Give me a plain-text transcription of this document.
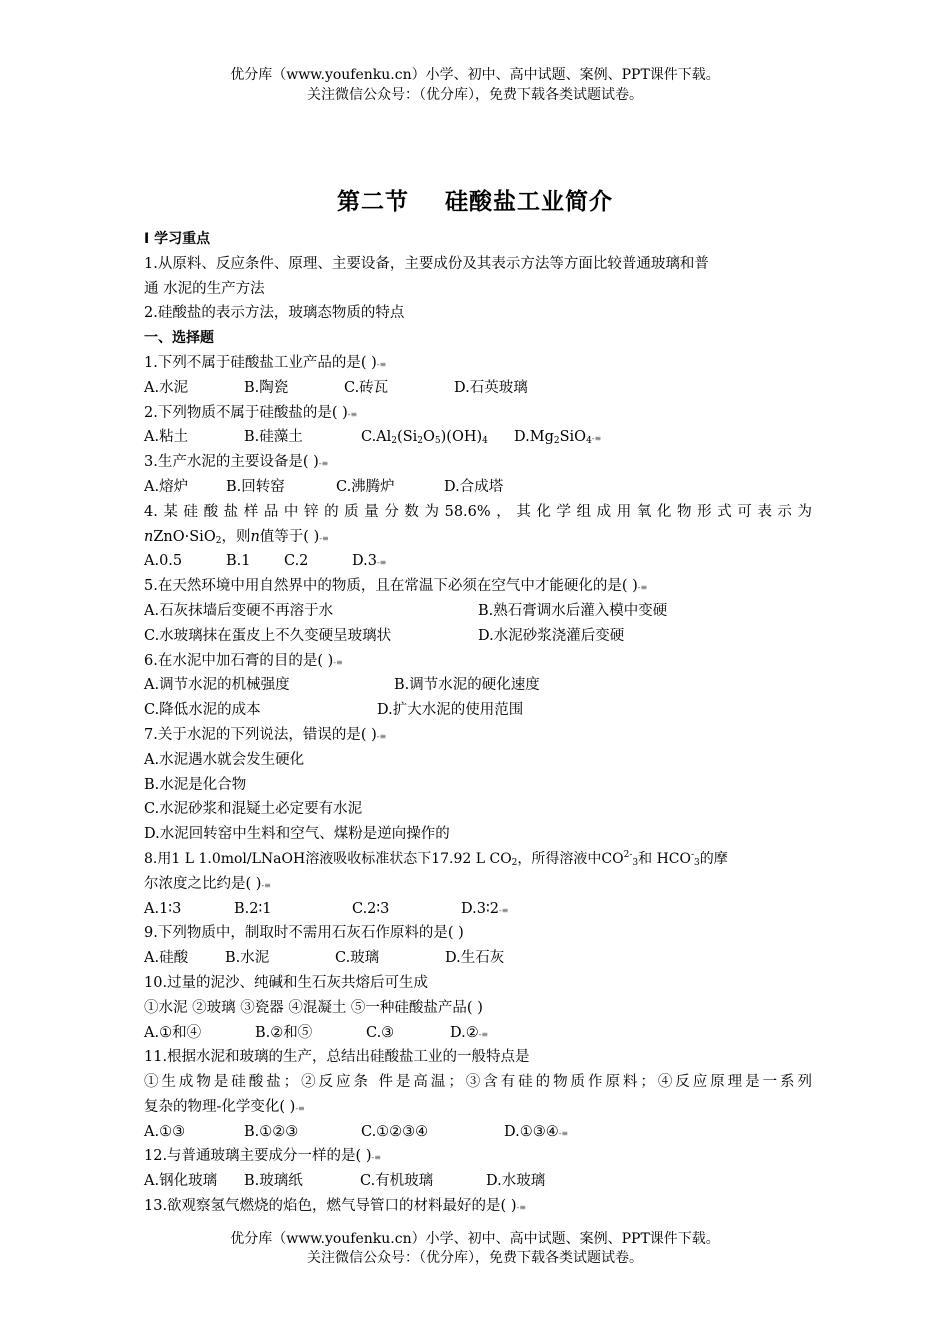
优分库（www.youfenku.cn）小学、初中、高中试题、案例、PPT课件下载。
关注微信公众号：（优分库），免费下载各类试题试卷。
第二节    硅酸盐工业简介
Ⅰ 学习重点
1.从原料、反应条件、原理、主要设备，主要成份及其表示方法等方面比较普通玻璃和普
通 水泥的生产方法
2.硅酸盐的表示方法，玻璃态物质的特点
一、选择题
1.下列不属于硅酸盐工业产品的是( )-≡
A.水泥	B.陶瓷	C.砖瓦	D.石英玻璃
2.下列物质不属于硅酸盐的是( )-≡
A.粘土	B.硅藻土	$C.Al_2(Si_2O_5)(OH)_4$ $D.Mg_2SiO_4-\equiv$
3.生产水泥的主要设备是( )-≡
A.熔炉	B.回转窑	C.沸腾炉	D.合成塔
4.某硅酸盐样品中锌的质量分数为58.6%，其化学组成用氧化物形式可表示为
nZnO·SiO$_2$，则n值等于( )-≡
A.0.5	B.1 C.2	D.3-≡
5.在天然环境中用自然界中的物质，且在常温下必须在空气中才能硬化的是( )-≡
A.石灰抹墙后变硬不再溶于水	B.熟石膏调水后灌入模中变硬
C.水玻璃抹在蛋皮上不久变硬呈玻璃状	D.水泥砂浆浇灌后变硬
6.在水泥中加石膏的目的是( )-≡
A.调节水泥的机械强度	B.调节水泥的硬化速度
C.降低水泥的成本	D.扩大水泥的使用范围
7.关于水泥的下列说法，错误的是( )-≡
A.水泥遇水就会发生硬化
B.水泥是化合物
C.水泥砂浆和混疑土必定要有水泥
D.水泥回转窑中生料和空气、煤粉是逆向操作的
8.用1 L 1.0mol/LNaOH溶液吸收标准状态下17.92 L $CO_2$，所得溶液中$CO^{2-}_3$和 $HCO^-_3$的摩
尔浓度之比约是( )-≡
A.1∶3	B.2∶1	C.2∶3	D.3∶2-≡
9.下列物质中，制取时不需用石灰石作原料的是( )
A.硅酸	B.水泥	C.玻璃	D.生石灰
10.过量的泥沙、纯碱和生石灰共熔后可生成
①水泥 ②玻璃 ③瓷器 ④混凝土 ⑤一种硅酸盐产品( )
A.①和④	B.②和⑤	C.③	D.②-≡
11.根据水泥和玻璃的生产，总结出硅酸盐工业的一般特点是
①生成物是硅酸盐；②反应条 件是高温；③含有硅的物质作原料；④反应原理是一系列
复杂的物理-化学变化( )-≡
A.①③	B.①②③	C.①②③④	D.①③④-≡
12.与普通玻璃主要成分一样的是( )-≡
A.钢化玻璃 B.玻璃纸	C.有机玻璃	D.水玻璃
13.欲观察氢气燃烧的焰色，燃气导管口的材料最好的是( )-≡
优分库（www.youfenku.cn）小学、初中、高中试题、案例、PPT课件下载。
关注微信公众号：（优分库），免费下载各类试题试卷。
